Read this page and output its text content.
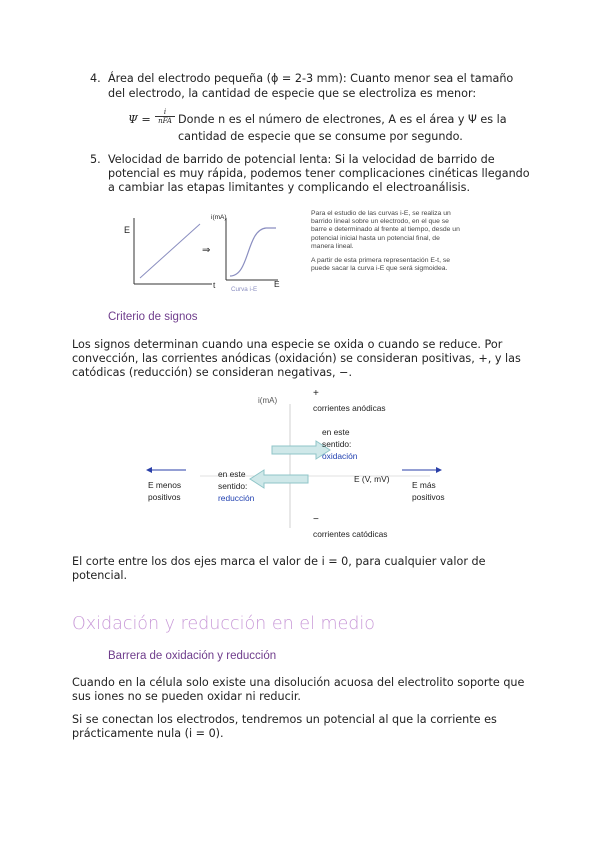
4. Área del electrodo pequeña (ϕ = 2-3 mm): Cuanto menor sea el tamaño
del electrodo, la cantidad de especie que se electroliza es menor:
Ψ =
i
nFA Donde n es el número de electrones, A es el área y Ψ es la
cantidad de especie que se consume por segundo.
5. Velocidad de barrido de potencial lenta: Si la velocidad de barrido de
potencial es muy rápida, podemos tener complicaciones cinéticas llegando
a cambiar las etapas limitantes y complicando el electroanálisis.
E
t
⇒
i(mA)
E
Curva i-E
Para el estudio de las curvas i-E, se realiza un
barrido lineal sobre un electrodo, en el que se
barre e determinado al frente al tiempo, desde un
potencial inicial hasta un potencial final, de
manera lineal.
A partir de esta primera representación E-t, se
puede sacar la curva i-E que será sigmoidea.
Criterio de signos
Los signos determinan cuando una especie se oxida o cuando se reduce. Por
convección, las corrientes anódicas (oxidación) se consideran positivas, +, y las
catódicas (reducción) se consideran negativas, −.
i(mA)
+
corrientes anódicas
en este
sentido:
oxidación
en este
sentido:
reducción
E menos
positivos
E (V, mV)
E más
positivos
−
corrientes catódicas
El corte entre los dos ejes marca el valor de i = 0, para cualquier valor de
potencial.
Oxidación y reducción en el medio
Barrera de oxidación y reducción
Cuando en la célula solo existe una disolución acuosa del electrolito soporte que
sus iones no se pueden oxidar ni reducir.
Si se conectan los electrodos, tendremos un potencial al que la corriente es
prácticamente nula (i = 0).
